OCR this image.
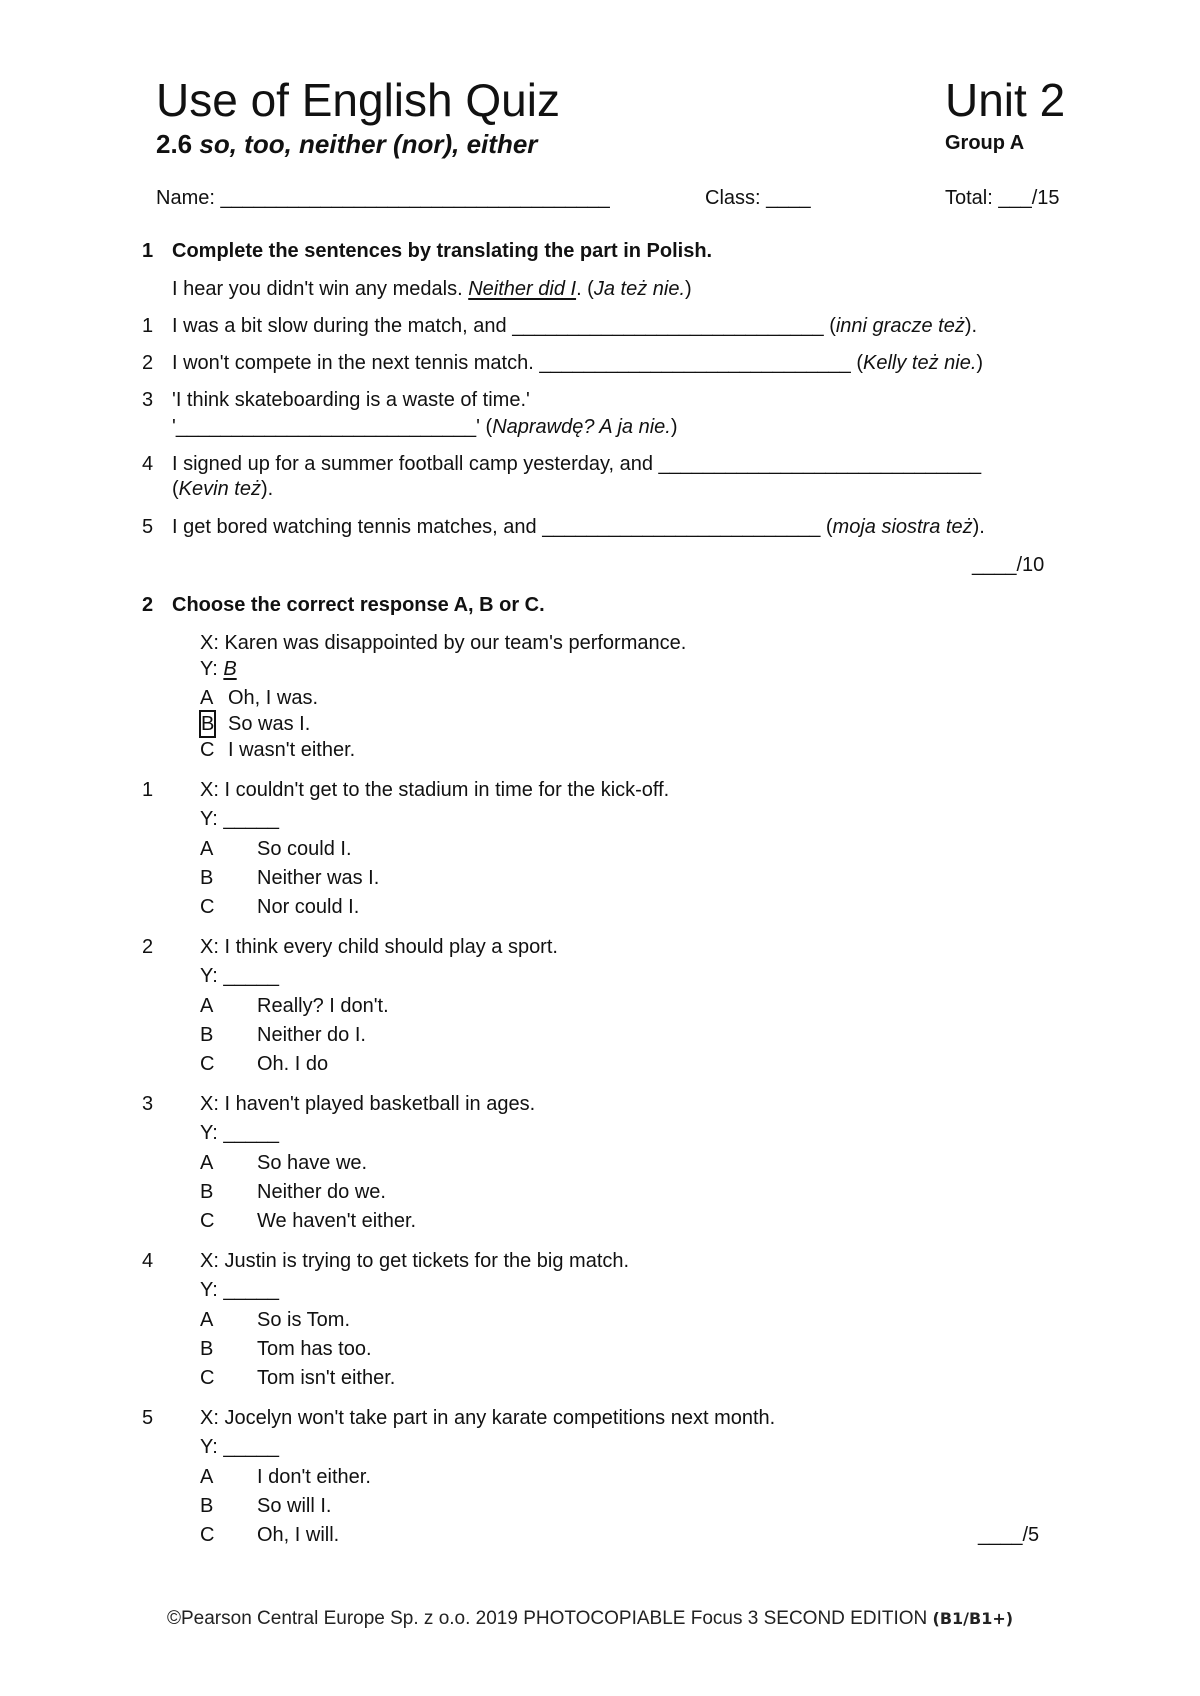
Use of English Quiz	Unit 2
2.6 so, too, neither (nor), either	Group A
Name: ___________________________________	Class: ____	Total: ___/15
1 Complete the sentences by translating the part in Polish.
I hear you didn't win any medals. Neither did I. (Ja też nie.)
1 I was a bit slow during the match, and ____________________________ (inni gracze też).
2 I won't compete in the next tennis match. ____________________________ (Kelly też nie.)
3 'I think skateboarding is a waste of time.'
'___________________________' (Naprawdę? A ja nie.)
4 I signed up for a summer football camp yesterday, and _____________________________
(Kevin też).
5 I get bored watching tennis matches, and _________________________ (moja siostra też).
____/10
2 Choose the correct response A, B or C.
X: Karen was disappointed by our team's performance.
Y: B
A Oh, I was.
B So was I.
C I wasn't either.
1 X: I couldn't get to the stadium in time for the kick-off.
Y: _____
A So could I.
B Neither was I.
C Nor could I.
2 X: I think every child should play a sport.
Y: _____
A Really? I don't.
B Neither do I.
C Oh. I do
3 X: I haven't played basketball in ages.
Y: _____
A So have we.
B Neither do we.
C We haven't either.
4 X: Justin is trying to get tickets for the big match.
Y: _____
A So is Tom.
B Tom has too.
C Tom isn't either.
5 X: Jocelyn won't take part in any karate competitions next month.
Y: _____
A I don't either.
B So will I.
C Oh, I will.	____/5
©Pearson Central Europe Sp. z o.o. 2019 PHOTOCOPIABLE Focus 3 SECOND EDITION (B1/B1+)
